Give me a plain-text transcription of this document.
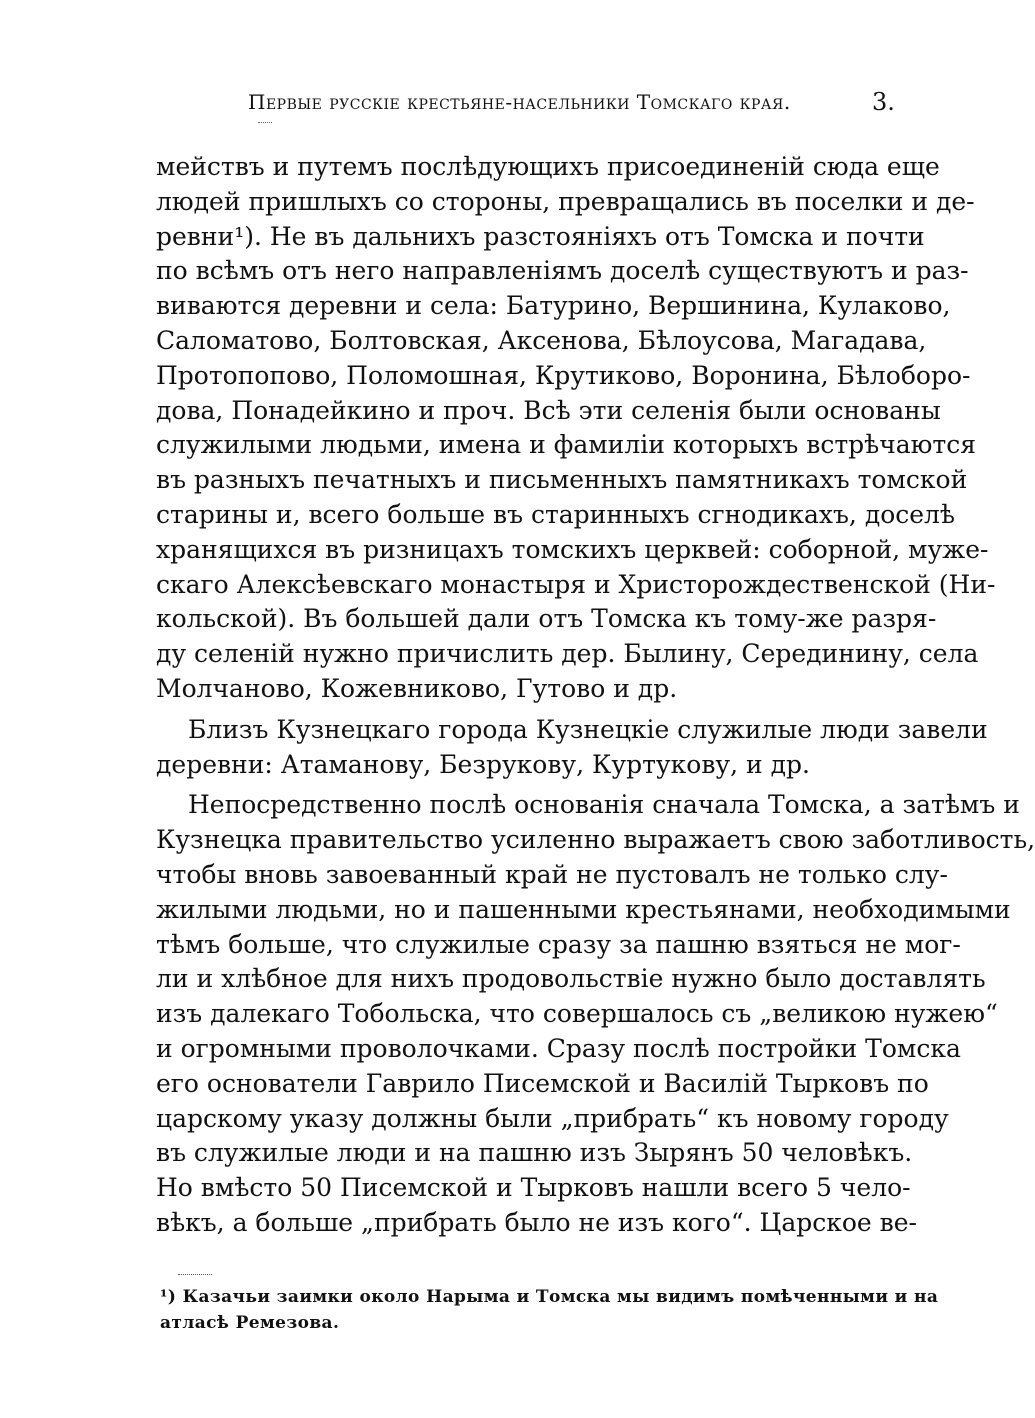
Первые русскіе крестьяне-насельники Томскаго края.	3.
мействъ и путемъ послѣдующихъ присоединеній сюда еще
людей пришлыхъ со стороны, превращались въ поселки и де-
ревни¹). Не въ дальнихъ разстояніяхъ отъ Томска и почти
по всѣмъ отъ него направленіямъ доселѣ существуютъ и раз-
виваются деревни и села: Батурино, Вершинина, Кулаково,
Саломатово, Болтовская, Аксенова, Бѣлоусова, Магадава,
Протопопово, Поломошная, Крутиково, Воронина, Бѣлоборо-
дова, Понадейкино и проч. Всѣ эти селенія были основаны
служилыми людьми, имена и фамиліи которыхъ встрѣчаются
въ разныхъ печатныхъ и письменныхъ памятникахъ томской
старины и, всего больше въ старинныхъ сгнодикахъ, доселѣ
хранящихся въ ризницахъ томскихъ церквей: соборной, муже-
скаго Алексѣевскаго монастыря и Христорождественской (Ни-
кольской). Въ большей дали отъ Томска къ тому-же разря-
ду селеній нужно причислить дер. Былину, Серединину, села
Молчаново, Кожевниково, Гутово и др.
Близъ Кузнецкаго города Кузнецкіе служилые люди завели
деревни: Атаманову, Безрукову, Куртукову, и др.
Непосредственно послѣ основанія сначала Томска, а затѣмъ и
Кузнецка правительство усиленно выражаетъ свою заботливость,
чтобы вновь завоеванный край не пустовалъ не только слу-
жилыми людьми, но и пашенными крестьянами, необходимыми
тѣмъ больше, что служилые сразу за пашню взяться не мог-
ли и хлѣбное для нихъ продовольствіе нужно было доставлять
изъ далекаго Тобольска, что совершалось съ „великою нужею“
и огромными проволочками. Сразу послѣ постройки Томска
его основатели Гаврило Писемской и Василій Тырковъ по
царскому указу должны были „прибрать“ къ новому городу
въ служилые люди и на пашню изъ Зырянъ 50 человѣкъ.
Но вмѣсто 50 Писемской и Тырковъ нашли всего 5 чело-
вѣкъ, а больше „прибрать было не изъ кого“. Царское ве-
¹) Казачьи заимки около Нарыма и Томска мы видимъ помѣченными и на
атласѣ Ремезова.
